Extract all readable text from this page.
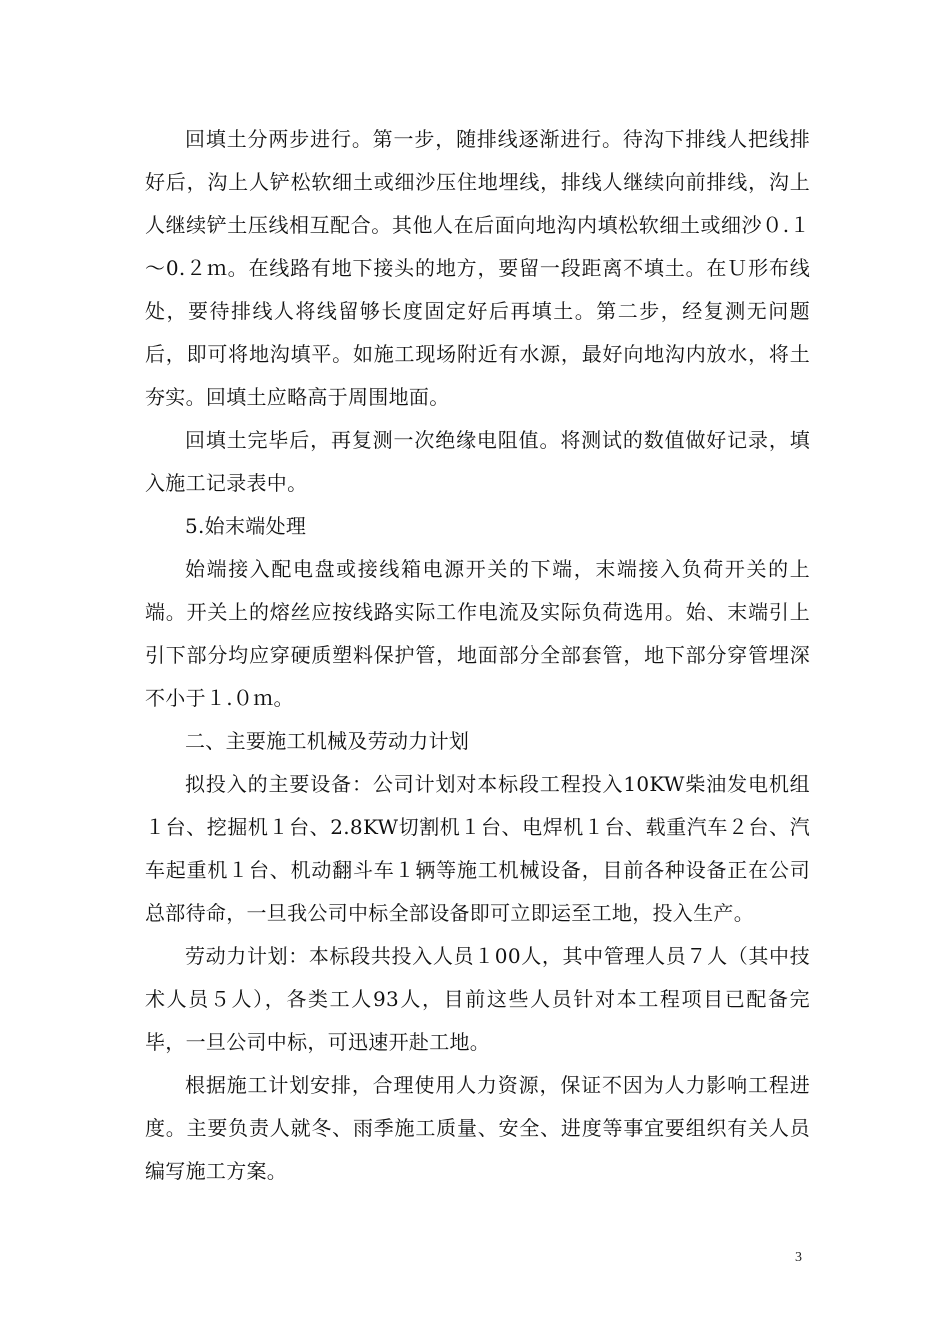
回填土分两步进行。第一步，随排线逐渐进行。待沟下排线人把线排好后，沟上人铲松软细土或细沙压住地埋线，排线人继续向前排线，沟上人继续铲土压线相互配合。其他人在后面向地沟内填松软细土或细沙０.１～0.２ｍ。在线路有地下接头的地方，要留一段距离不填土。在Ｕ形布线处，要待排线人将线留够长度固定好后再填土。第二步，经复测无问题后，即可将地沟填平。如施工现场附近有水源，最好向地沟内放水，将土夯实。回填土应略高于周围地面。

回填土完毕后，再复测一次绝缘电阻值。将测试的数值做好记录，填入施工记录表中。

5.始末端处理

始端接入配电盘或接线箱电源开关的下端，末端接入负荷开关的上端。开关上的熔丝应按线路实际工作电流及实际负荷选用。始、末端引上引下部分均应穿硬质塑料保护管，地面部分全部套管，地下部分穿管埋深不小于１.０ｍ。

二、主要施工机械及劳动力计划

拟投入的主要设备：公司计划对本标段工程投入10KW柴油发电机组１台、挖掘机１台、2.8KW切割机１台、电焊机１台、载重汽车２台、汽车起重机１台、机动翻斗车１辆等施工机械设备，目前各种设备正在公司总部待命，一旦我公司中标全部设备即可立即运至工地，投入生产。

劳动力计划：本标段共投入人员１00人，其中管理人员７人（其中技术人员５人），各类工人93人，目前这些人员针对本工程项目已配备完毕，一旦公司中标，可迅速开赴工地。

根据施工计划安排，合理使用人力资源，保证不因为人力影响工程进度。主要负责人就冬、雨季施工质量、安全、进度等事宜要组织有关人员编写施工方案。

3
